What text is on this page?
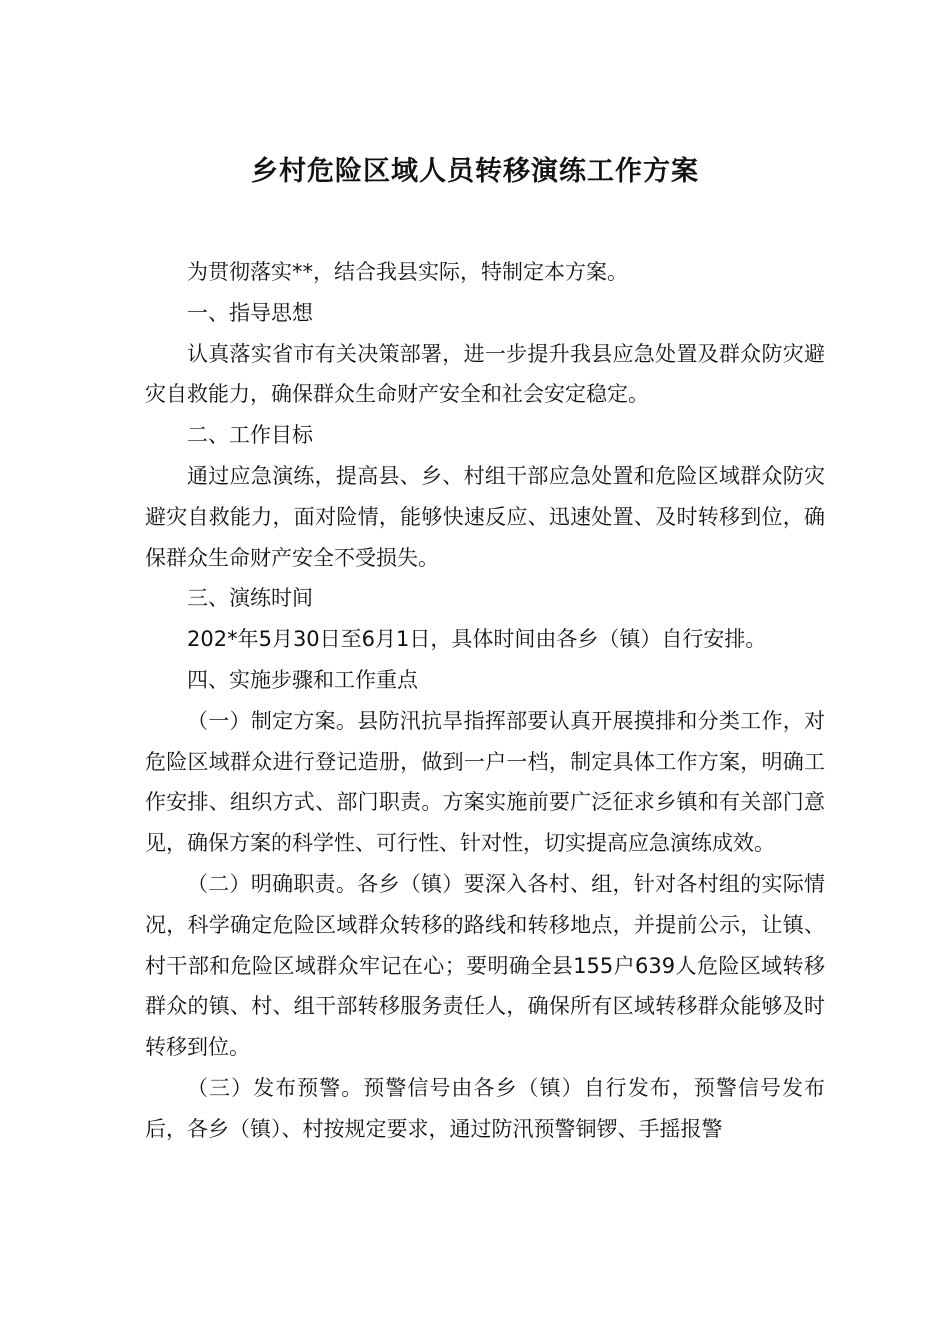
乡村危险区域人员转移演练工作方案

为贯彻落实**，结合我县实际，特制定本方案。

一、指导思想

认真落实省市有关决策部署，进一步提升我县应急处置及群众防灾避灾自救能力，确保群众生命财产安全和社会安定稳定。

二、工作目标

通过应急演练，提高县、乡、村组干部应急处置和危险区域群众防灾避灾自救能力，面对险情，能够快速反应、迅速处置、及时转移到位，确保群众生命财产安全不受损失。

三、演练时间

202*年5月30日至6月1日，具体时间由各乡（镇）自行安排。

四、实施步骤和工作重点

（一）制定方案。县防汛抗旱指挥部要认真开展摸排和分类工作，对危险区域群众进行登记造册，做到一户一档，制定具体工作方案，明确工作安排、组织方式、部门职责。方案实施前要广泛征求乡镇和有关部门意见，确保方案的科学性、可行性、针对性，切实提高应急演练成效。

（二）明确职责。各乡（镇）要深入各村、组，针对各村组的实际情况，科学确定危险区域群众转移的路线和转移地点，并提前公示，让镇、村干部和危险区域群众牢记在心；要明确全县155户639人危险区域转移群众的镇、村、组干部转移服务责任人，确保所有区域转移群众能够及时转移到位。

（三）发布预警。预警信号由各乡（镇）自行发布，预警信号发布后，各乡（镇）、村按规定要求，通过防汛预警铜锣、手摇报警
